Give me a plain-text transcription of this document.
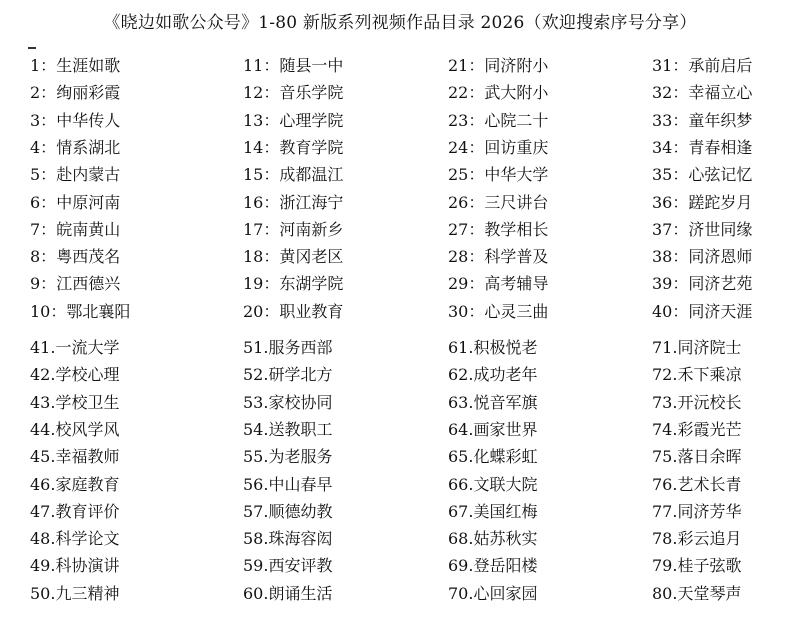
《晓边如歌公众号》1-80 新版系列视频作品目录 2026（欢迎搜索序号分享）
1：生涯如歌
2：绚丽彩霞
3：中华传人
4：情系湖北
5：赴内蒙古
6：中原河南
7：皖南黄山
8：粤西茂名
9：江西德兴
10：鄂北襄阳
11：随县一中
12：音乐学院
13：心理学院
14：教育学院
15：成都温江
16：浙江海宁
17：河南新乡
18：黄冈老区
19：东湖学院
20：职业教育
21：同济附小
22：武大附小
23：心院二十
24：回访重庆
25：中华大学
26：三尺讲台
27：教学相长
28：科学普及
29：高考辅导
30：心灵三曲
31：承前启后
32：幸福立心
33：童年织梦
34：青春相逢
35：心弦记忆
36：蹉跎岁月
37：济世同缘
38：同济恩师
39：同济艺苑
40：同济天涯
41.一流大学
42.学校心理
43.学校卫生
44.校风学风
45.幸福教师
46.家庭教育
47.教育评价
48.科学论文
49.科协演讲
50.九三精神
51.服务西部
52.研学北方
53.家校协同
54.送教职工
55.为老服务
56.中山春早
57.顺德幼教
58.珠海容闳
59.西安评教
60.朗诵生活
61.积极悦老
62.成功老年
63.悦音军旗
64.画家世界
65.化蝶彩虹
66.文联大院
67.美国红梅
68.姑苏秋实
69.登岳阳楼
70.心回家园
71.同济院士
72.禾下乘凉
73.开沅校长
74.彩霞光芒
75.落日余晖
76.艺术长青
77.同济芳华
78.彩云追月
79.桂子弦歌
80.天堂琴声
